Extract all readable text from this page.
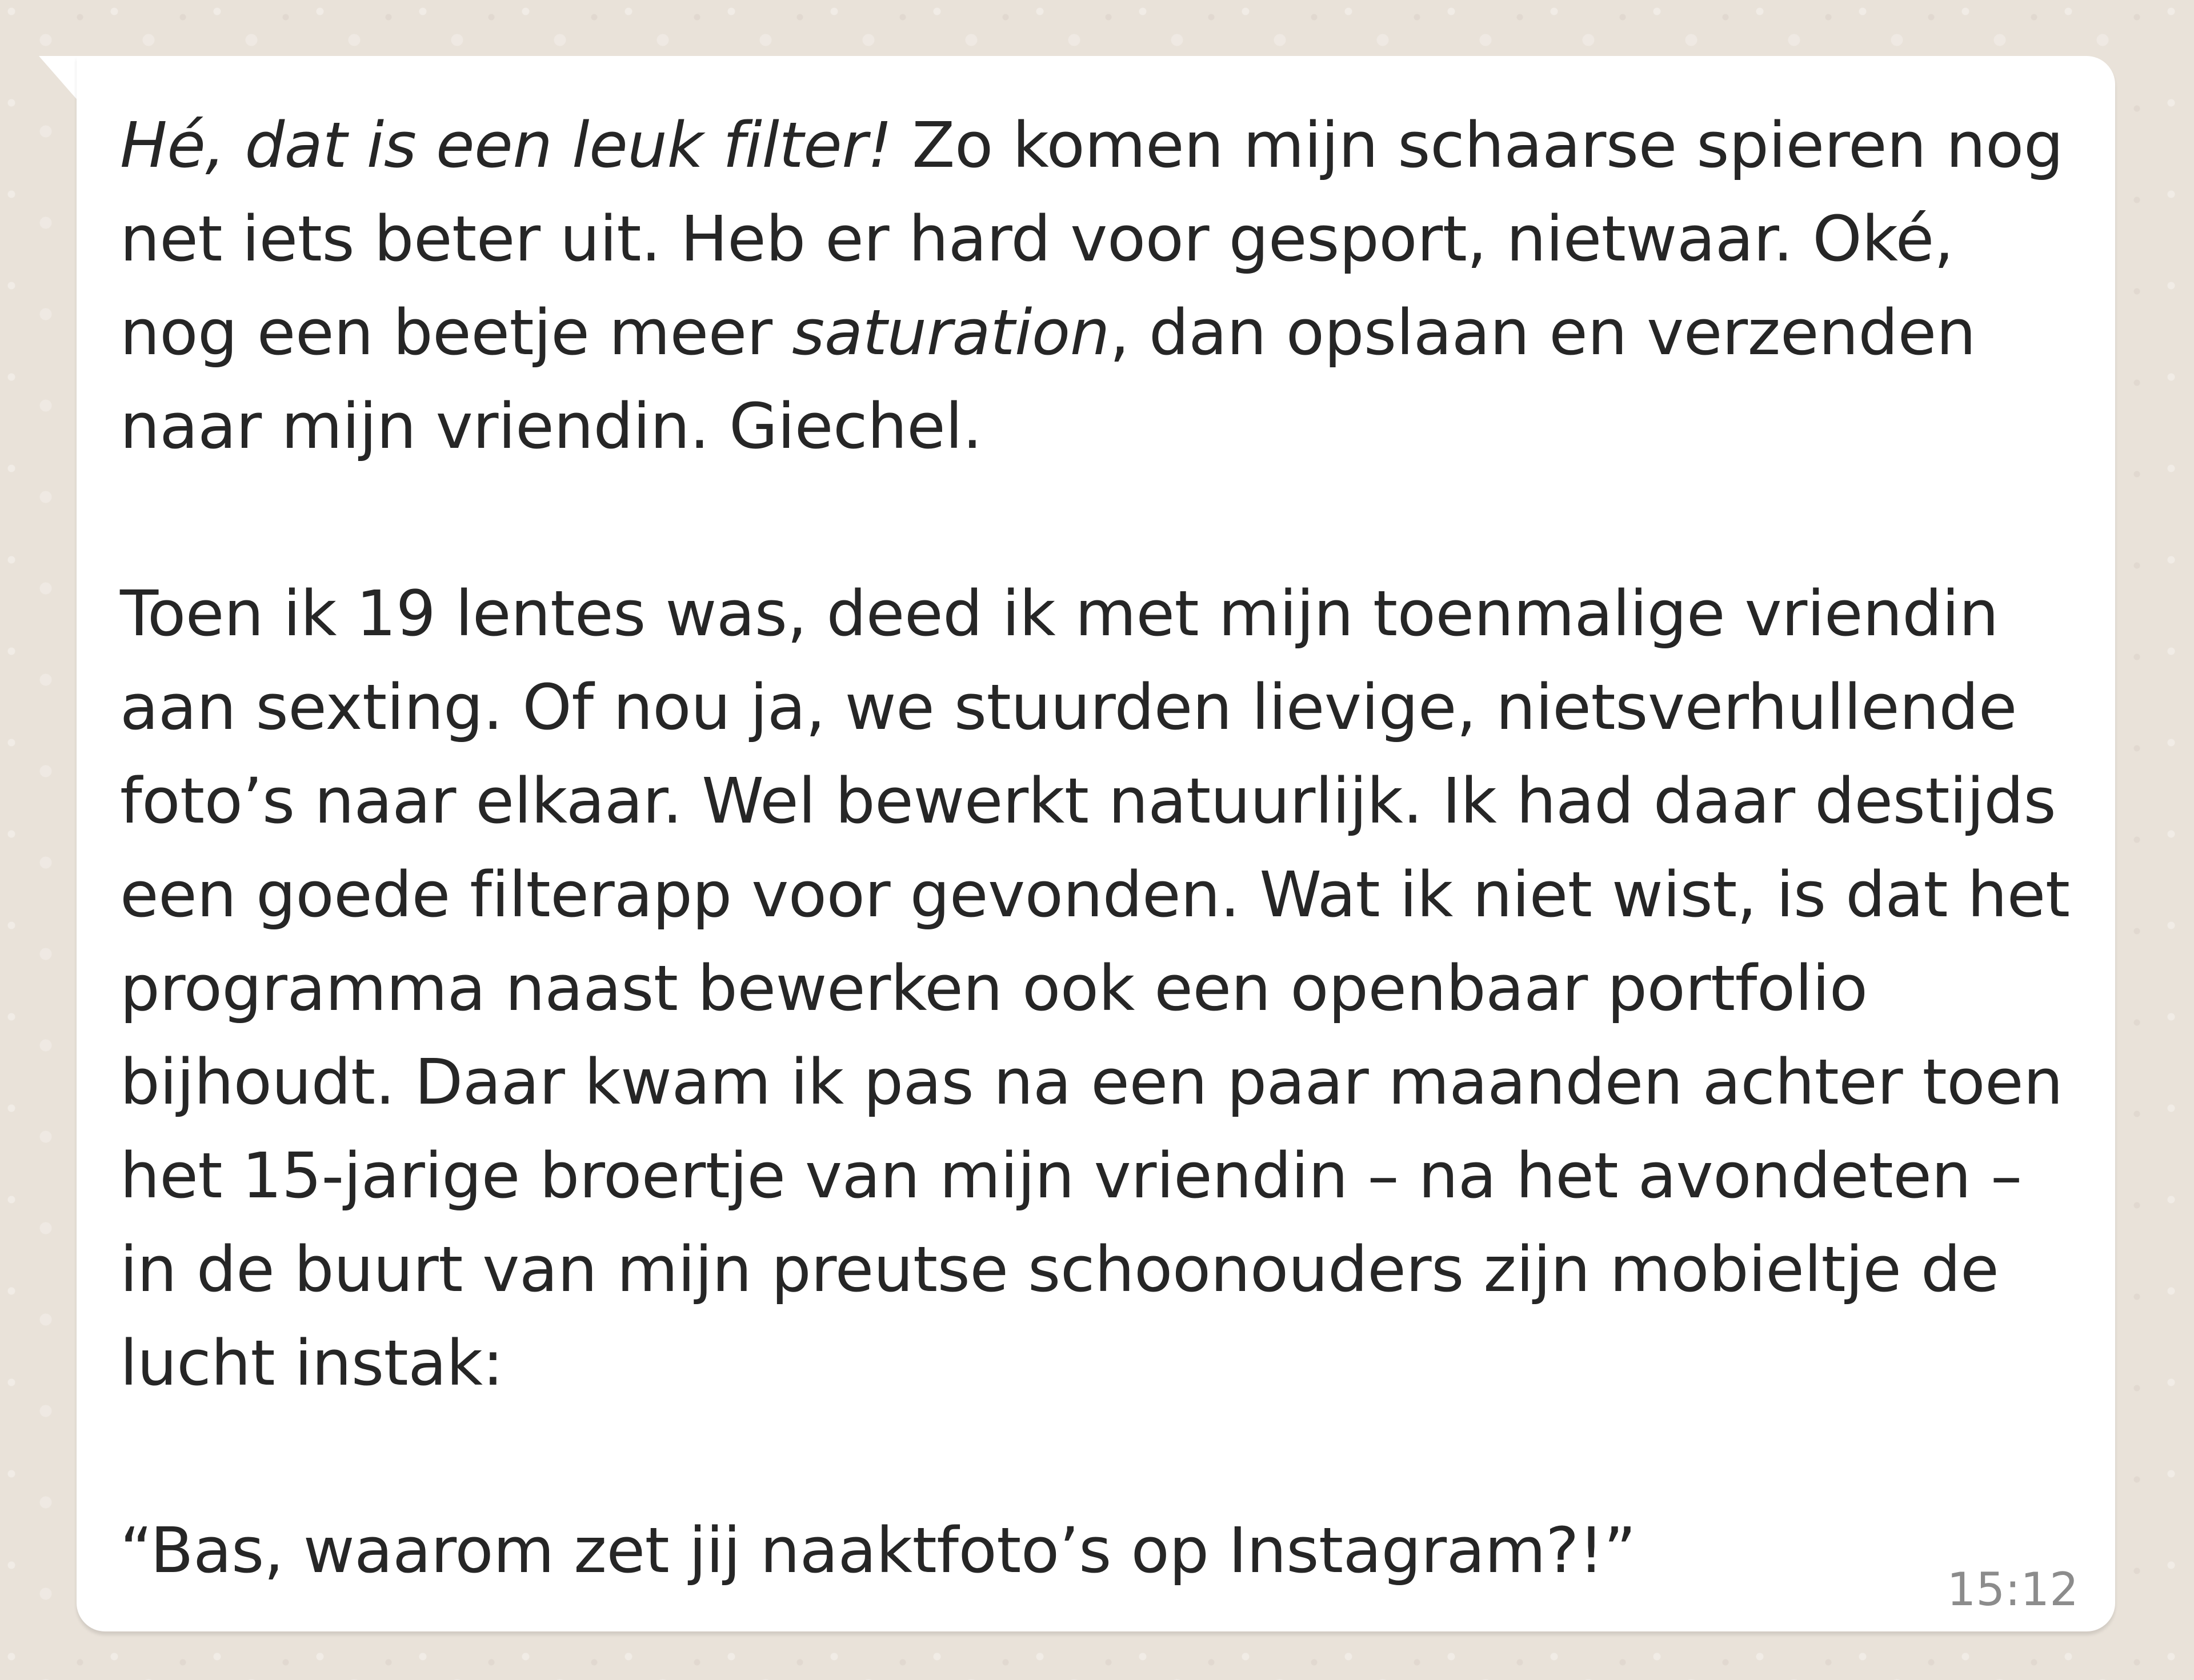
Hé, dat is een leuk filter! Zo komen mijn schaarse spieren nog net iets beter uit. Heb er hard voor gesport, nietwaar. Oké, nog een beetje meer saturation, dan opslaan en verzenden naar mijn vriendin. Giechel.

Toen ik 19 lentes was, deed ik met mijn toenmalige vriendin aan sexting. Of nou ja, we stuurden lievige, nietsverhullende foto’s naar elkaar. Wel bewerkt natuurlijk. Ik had daar destijds een goede filterapp voor gevonden. Wat ik niet wist, is dat het programma naast bewerken ook een openbaar portfolio bijhoudt. Daar kwam ik pas na een paar maanden achter toen het 15-jarige broertje van mijn vriendin – na het avondeten – in de buurt van mijn preutse schoonouders zijn mobieltje de lucht instak:

“Bas, waarom zet jij naaktfoto’s op Instagram?!”

15:12
